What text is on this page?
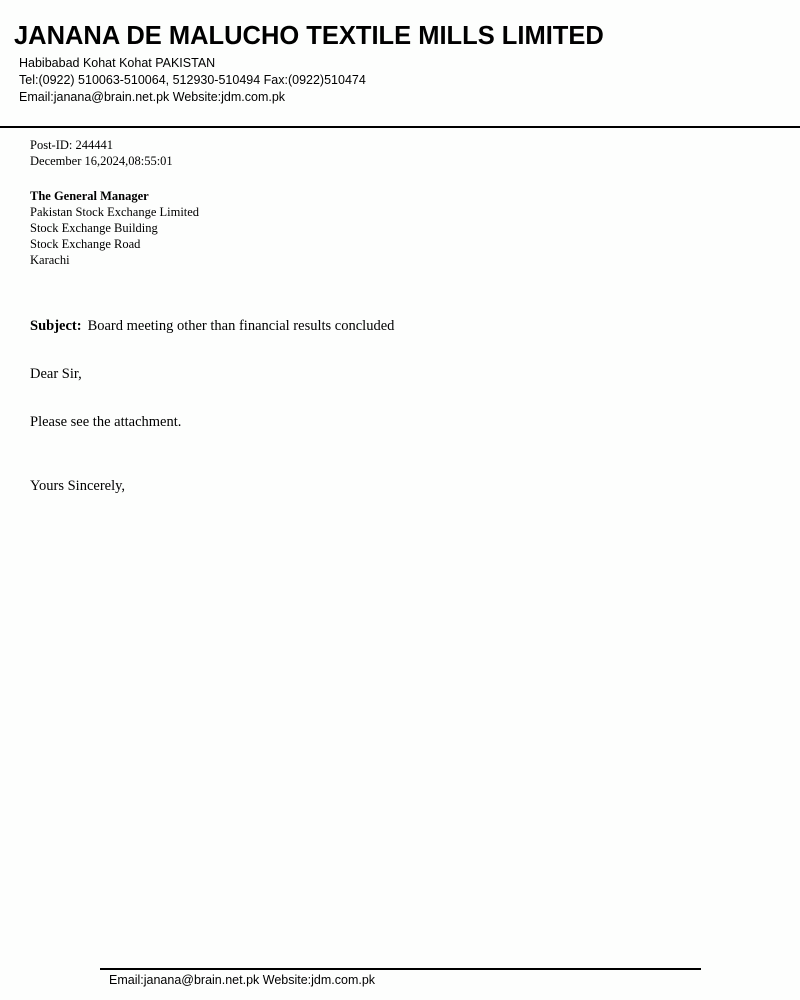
JANANA DE MALUCHO TEXTILE MILLS LIMITED
Habibabad Kohat Kohat PAKISTAN
Tel:(0922) 510063-510064, 512930-510494 Fax:(0922)510474
Email:janana@brain.net.pk Website:jdm.com.pk
Post-ID: 244441
December 16,2024,08:55:01
The General Manager
Pakistan Stock Exchange Limited
Stock Exchange Building
Stock Exchange Road
Karachi
Subject: Board meeting other than financial results concluded
Dear Sir,
Please see the attachment.
Yours Sincerely,
Email:janana@brain.net.pk Website:jdm.com.pk
